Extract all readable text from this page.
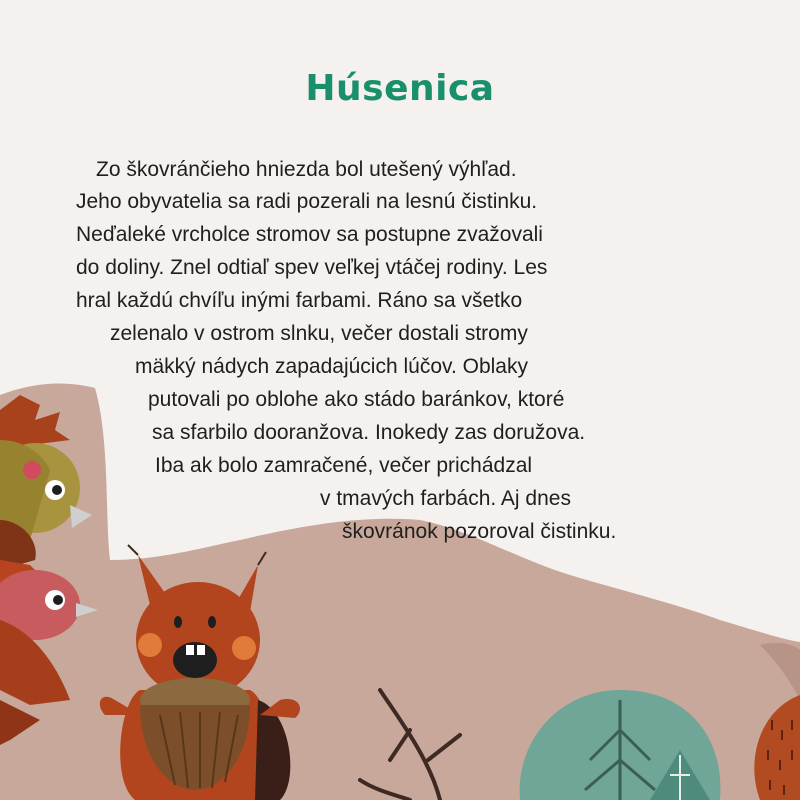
Húsenica
Zo škovránčieho hniezda bol utešený výhľad.
Jeho obyvatelia sa radi pozerali na lesnú čistinku.
Neďaleké vrcholce stromov sa postupne zvažovali
do doliny. Znel odtiaľ spev veľkej vtáčej rodiny. Les
hral každú chvíľu inými farbami. Ráno sa všetko
zelenalo v ostrom slnku, večer dostali stromy
mäkký nádych zapadajúcich lúčov. Oblaky
putovali po oblohe ako stádo baránkov, ktoré
sa sfarbilo dooranžova. Inokedy zas doružova.
Iba ak bolo zamračené, večer prichádzal
v tmavých farbách. Aj dnes
škovránok pozoroval čistinku.
